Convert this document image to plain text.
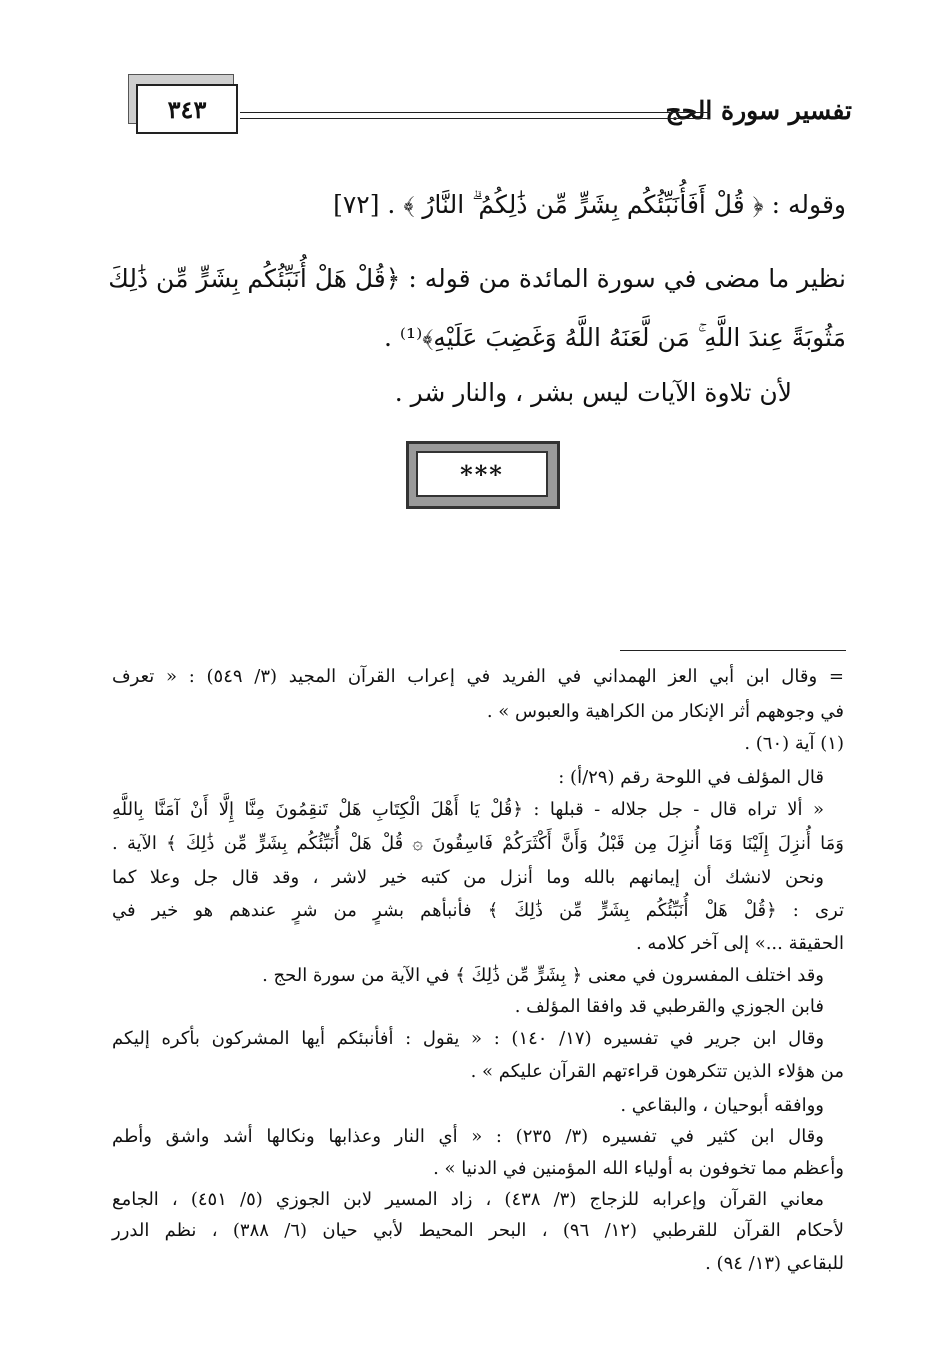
تفسير سورة الحج
٣٤٣
وقوله : ﴿ قُلْ أَفَأُنَبِّئُكُم بِشَرٍّ مِّن ذَٰلِكُمُ ۗ النَّارُ ﴾ . [٧٢]
نظير ما مضى في سورة المائدة من قوله : ﴿قُلْ هَلْ أُنَبِّئُكُم بِشَرٍّ مِّن ذَٰلِكَ
مَثُوبَةً عِندَ اللَّهِ ۚ مَن لَّعَنَهُ اللَّهُ وَغَضِبَ عَلَيْهِ﴾⁽¹⁾ .
لأن تلاوة الآيات ليس بشر ، والنار شر .
***
= وقال ابن أبي العز الهمداني في الفريد في إعراب القرآن المجيد (٣/ ٥٤٩) : « تعرف
في وجوههم أثر الإنكار من الكراهية والعبوس » .
(١) آية (٦٠) .
قال المؤلف في اللوحة رقم (٢٩/أ) :
« ألا تراه قال - جل جلاله - قبلها : ﴿قُلْ يَا أَهْلَ الْكِتَابِ هَلْ تَنقِمُونَ مِنَّا إِلَّا أَنْ آمَنَّا بِاللَّهِ
وَمَا أُنزِلَ إِلَيْنَا وَمَا أُنزِلَ مِن قَبْلُ وَأَنَّ أَكْثَرَكُمْ فَاسِقُونَ ۞ قُلْ هَلْ أُنَبِّئُكُم بِشَرٍّ مِّن ذَٰلِكَ ﴾ الآية .
ونحن لانشك أن إيمانهم بالله وما أنزل من كتبه خير لاشر ، وقد قال جل وعلا كما
ترى : ﴿قُلْ هَلْ أُنَبِّئُكُم بِشَرٍّ مِّن ذَٰلِكَ ﴾ فأنبأهم بشرٍ من شرٍ عندهم هو خير في
الحقيقة ...» إلى آخر كلامه .
وقد اختلف المفسرون في معنى ﴿ بِشَرٍّ مِّن ذَٰلِكَ ﴾ في الآية من سورة الحج .
فابن الجوزي والقرطبي قد وافقا المؤلف .
وقال ابن جرير في تفسيره (١٧/ ١٤٠) : « يقول : أفأنبئكم أيها المشركون بأكره إليكم
من هؤلاء الذين تتكرهون قراءتهم القرآن عليكم » .
ووافقه أبوحيان ، والبقاعي .
وقال ابن كثير في تفسيره (٣/ ٢٣٥) : « أي النار وعذابها ونكالها أشد واشق وأطم
وأعظم مما تخوفون به أولياء الله المؤمنين في الدنيا » .
معاني القرآن وإعرابه للزجاج (٣/ ٤٣٨) ، زاد المسير لابن الجوزي (٥/ ٤٥١) ، الجامع
لأحكام القرآن للقرطبي (١٢/ ٩٦) ، البحر المحيط لأبي حيان (٦/ ٣٨٨) ، نظم الدرر
للبقاعي (١٣/ ٩٤) .
